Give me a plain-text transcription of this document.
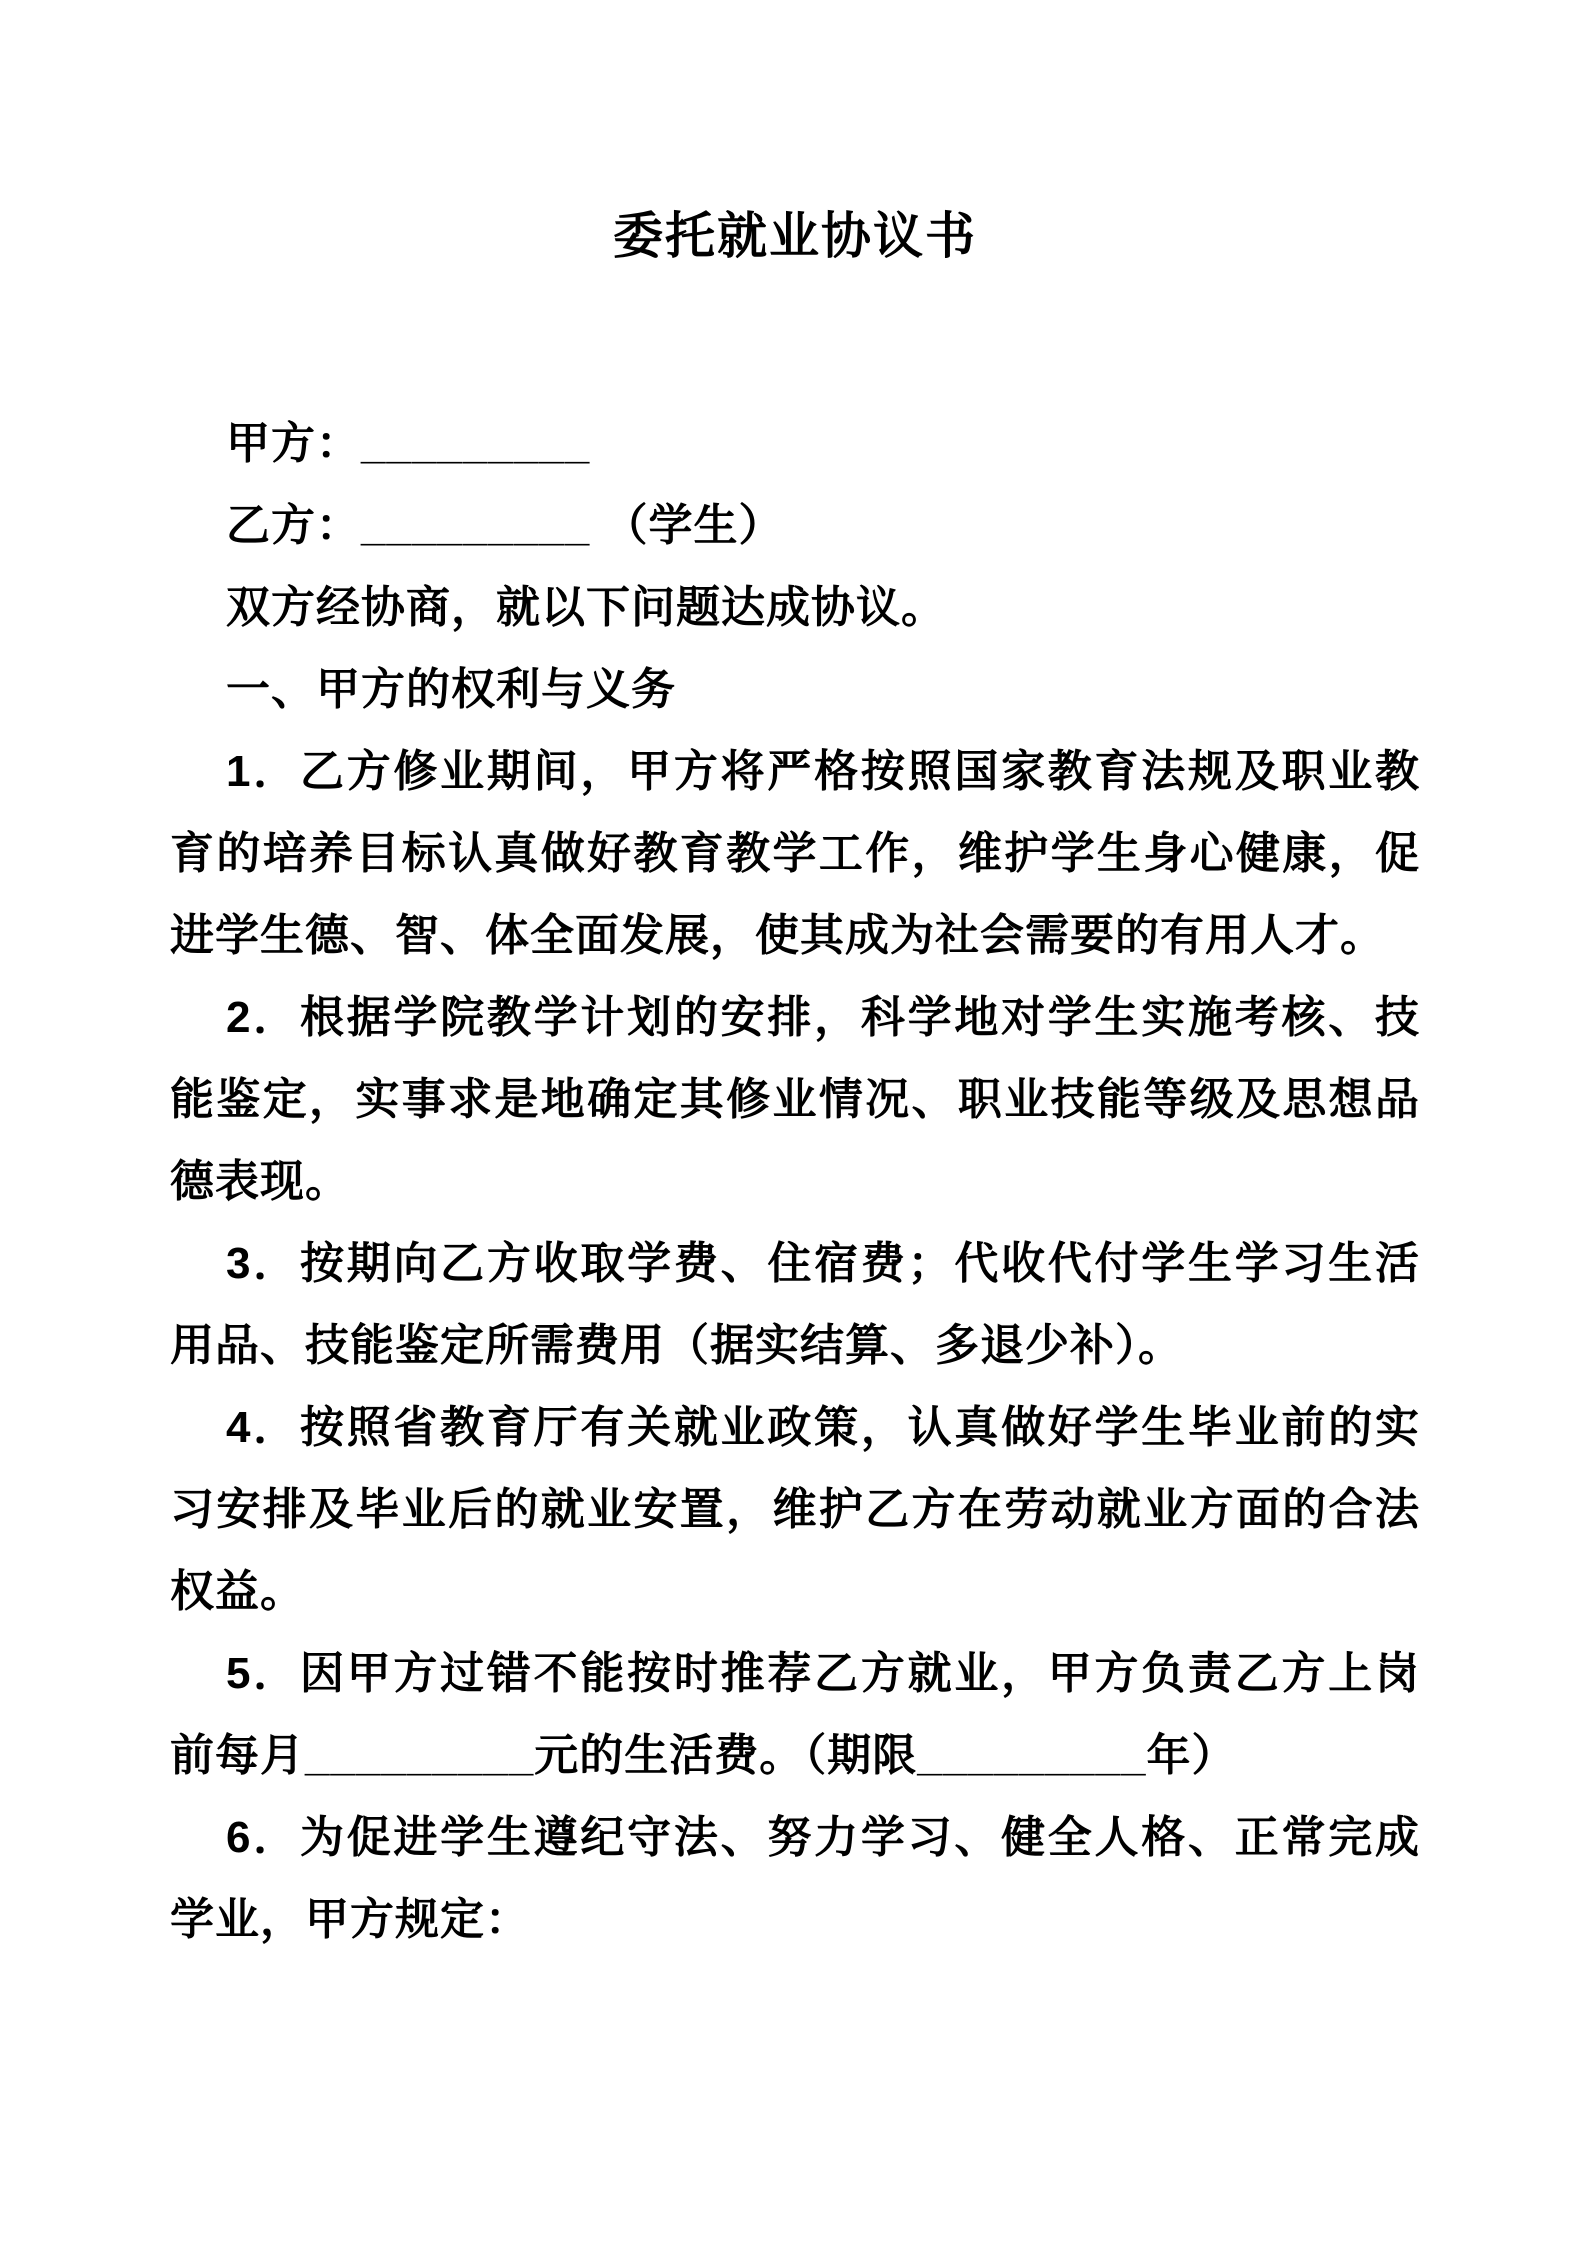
委托就业协议书

甲方：_________

乙方：_________ （学生）

双方经协商，就以下问题达成协议。

一、甲方的权利与义务

1．乙方修业期间，甲方将严格按照国家教育法规及职业教育的培养目标认真做好教育教学工作，维护学生身心健康，促进学生德、智、体全面发展，使其成为社会需要的有用人才。

2．根据学院教学计划的安排，科学地对学生实施考核、技能鉴定，实事求是地确定其修业情况、职业技能等级及思想品德表现。

3．按期向乙方收取学费、住宿费；代收代付学生学习生活用品、技能鉴定所需费用（据实结算、多退少补）。

4．按照省教育厅有关就业政策，认真做好学生毕业前的实习安排及毕业后的就业安置，维护乙方在劳动就业方面的合法权益。

5．因甲方过错不能按时推荐乙方就业，甲方负责乙方上岗前每月_________元的生活费。（期限_________年）

6．为促进学生遵纪守法、努力学习、健全人格、正常完成学业，甲方规定：
